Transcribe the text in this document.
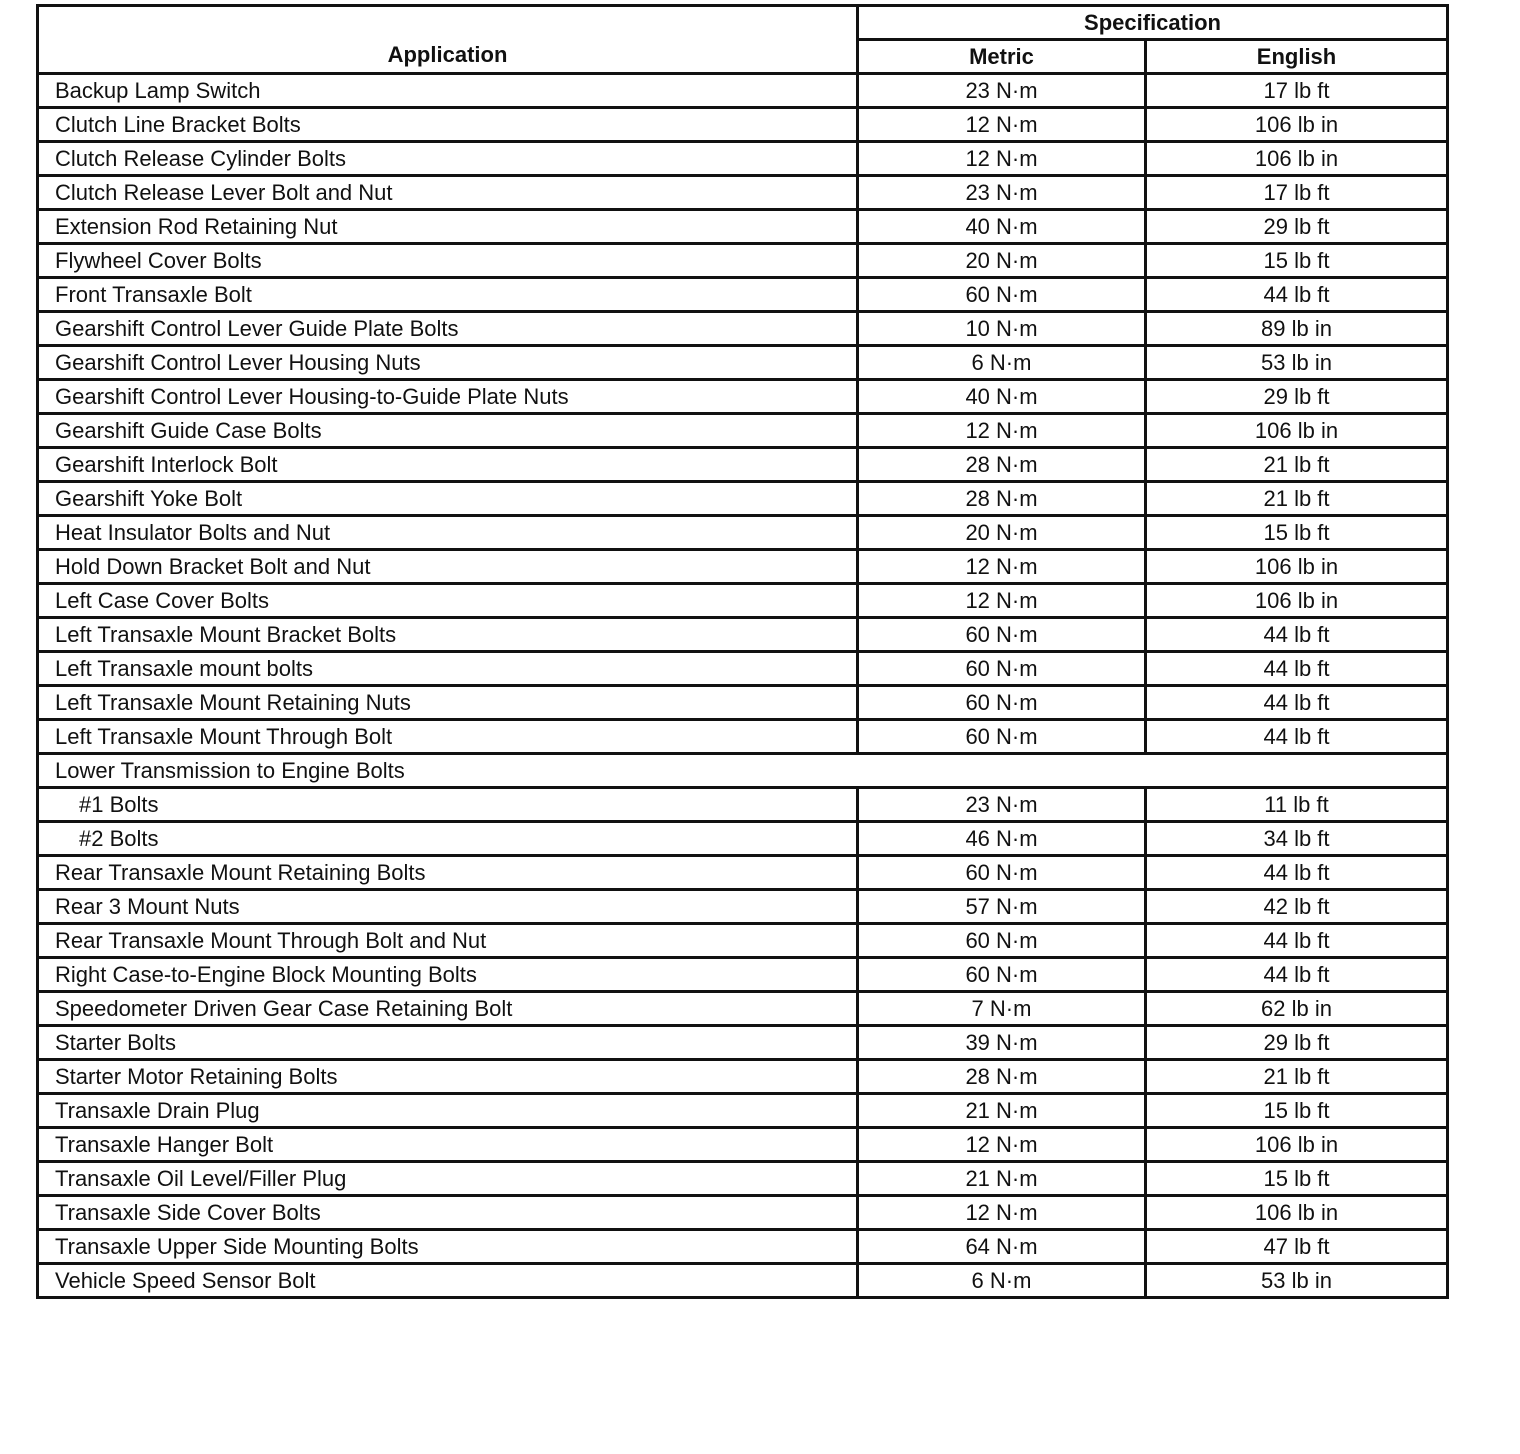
Application	Specification	
	Metric	English
Backup Lamp Switch	23 N·m	17 lb ft
Clutch Line Bracket Bolts	12 N·m	106 lb in
Clutch Release Cylinder Bolts	12 N·m	106 lb in
Clutch Release Lever Bolt and Nut	23 N·m	17 lb ft
Extension Rod Retaining Nut	40 N·m	29 lb ft
Flywheel Cover Bolts	20 N·m	15 lb ft
Front Transaxle Bolt	60 N·m	44 lb ft
Gearshift Control Lever Guide Plate Bolts	10 N·m	89 lb in
Gearshift Control Lever Housing Nuts	6 N·m	53 lb in
Gearshift Control Lever Housing-to-Guide Plate Nuts	40 N·m	29 lb ft
Gearshift Guide Case Bolts	12 N·m	106 lb in
Gearshift Interlock Bolt	28 N·m	21 lb ft
Gearshift Yoke Bolt	28 N·m	21 lb ft
Heat Insulator Bolts and Nut	20 N·m	15 lb ft
Hold Down Bracket Bolt and Nut	12 N·m	106 lb in
Left Case Cover Bolts	12 N·m	106 lb in
Left Transaxle Mount Bracket Bolts	60 N·m	44 lb ft
Left Transaxle mount bolts	60 N·m	44 lb ft
Left Transaxle Mount Retaining Nuts	60 N·m	44 lb ft
Left Transaxle Mount Through Bolt	60 N·m	44 lb ft
Lower Transmission to Engine Bolts		
#1 Bolts	23 N·m	11 lb ft
#2 Bolts	46 N·m	34 lb ft
Rear Transaxle Mount Retaining Bolts	60 N·m	44 lb ft
Rear 3 Mount Nuts	57 N·m	42 lb ft
Rear Transaxle Mount Through Bolt and Nut	60 N·m	44 lb ft
Right Case-to-Engine Block Mounting Bolts	60 N·m	44 lb ft
Speedometer Driven Gear Case Retaining Bolt	7 N·m	62 lb in
Starter Bolts	39 N·m	29 lb ft
Starter Motor Retaining Bolts	28 N·m	21 lb ft
Transaxle Drain Plug	21 N·m	15 lb ft
Transaxle Hanger Bolt	12 N·m	106 lb in
Transaxle Oil Level/Filler Plug	21 N·m	15 lb ft
Transaxle Side Cover Bolts	12 N·m	106 lb in
Transaxle Upper Side Mounting Bolts	64 N·m	47 lb ft
Vehicle Speed Sensor Bolt	6 N·m	53 lb in
